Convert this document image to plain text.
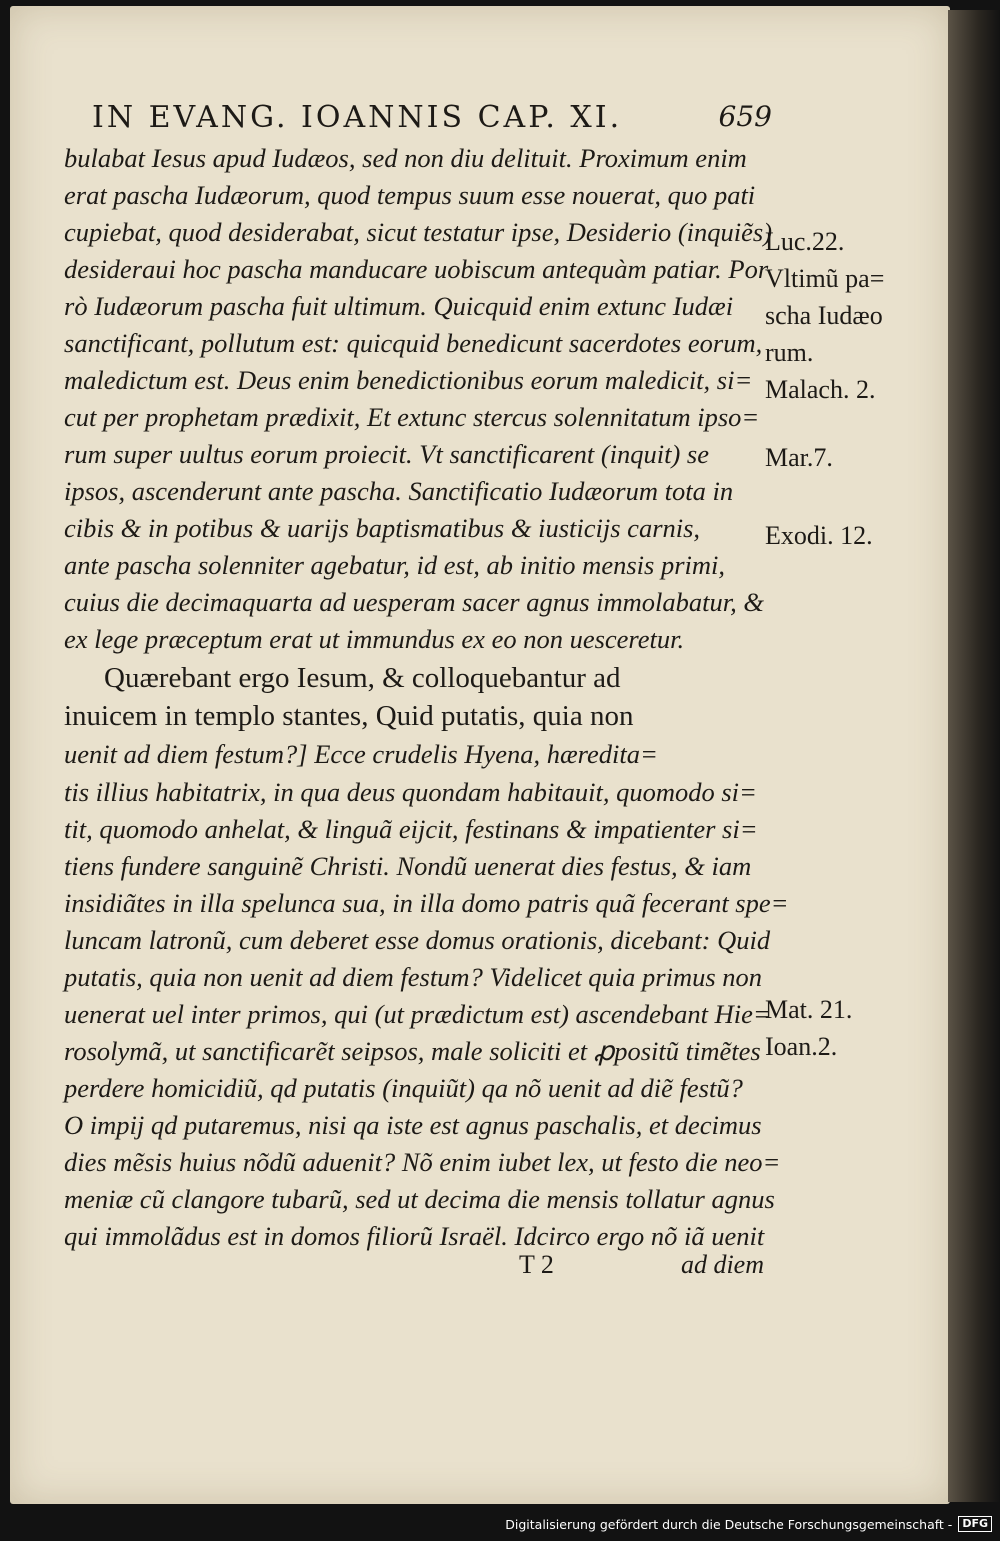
IN EVANG. IOANNIS CAP. XI.	659
bulabat Iesus apud Iudæos, sed non diu delituit. Proximum enim
erat pascha Iudæorum, quod tempus suum esse nouerat, quo pati
cupiebat, quod desiderabat, sicut testatur ipse, Desiderio (inquiẽs)
desideraui hoc pascha manducare uobiscum antequàm patiar. Por
rò Iudæorum pascha fuit ultimum. Quicquid enim extunc Iudæi
sanctificant, pollutum est: quicquid benedicunt sacerdotes eorum,
maledictum est. Deus enim benedictionibus eorum maledicit, si=
cut per prophetam prædixit, Et extunc stercus solennitatum ipso=
rum super uultus eorum proiecit. Vt sanctificarent (inquit) se
ipsos, ascenderunt ante pascha. Sanctificatio Iudæorum tota in
cibis & in potibus & uarijs baptismatibus & iusticijs carnis,
ante pascha solenniter agebatur, id est, ab initio mensis primi,
cuius die decimaquarta ad uesperam sacer agnus immolabatur, &
ex lege præceptum erat ut immundus ex eo non uesceretur.
Quærebant ergo Iesum, & colloquebantur ad
inuicem in templo stantes, Quid putatis, quia non
uenit ad diem festum?] Ecce crudelis Hyena, hæredita=
tis illius habitatrix, in qua deus quondam habitauit, quomodo si=
tit, quomodo anhelat, & linguã eijcit, festinans & impatienter si=
tiens fundere sanguinẽ Christi. Nondũ uenerat dies festus, & iam
insidiãtes in illa spelunca sua, in illa domo patris quã fecerant spe=
luncam latronũ, cum deberet esse domus orationis, dicebant: Quid
putatis, quia non uenit ad diem festum? Videlicet quia primus non
uenerat uel inter primos, qui (ut prædictum est) ascendebant Hie=
rosolymã, ut sanctificarẽt seipsos, male soliciti et ꝓpositũ timẽtes
perdere homicidiũ, qd putatis (inquiũt) qa nõ uenit ad diẽ festũ?
O impij qd putaremus, nisi qa iste est agnus paschalis, et decimus
dies mẽsis huius nõdũ aduenit? Nõ enim iubet lex, ut festo die neo=
meniæ cũ clangore tubarũ, sed ut decima die mensis tollatur agnus
qui immolãdus est in domos filiorũ Israël. Idcirco ergo nõ iã uenit
Luc.22.
Vltimũ pa=
scha Iudæo
rum.
Malach. 2.
Mar.7.
Exodi. 12.
Mat. 21.
Ioan.2.
T 2	ad diem
Digitalisierung gefördert durch die Deutsche Forschungsgemeinschaft - DFG
